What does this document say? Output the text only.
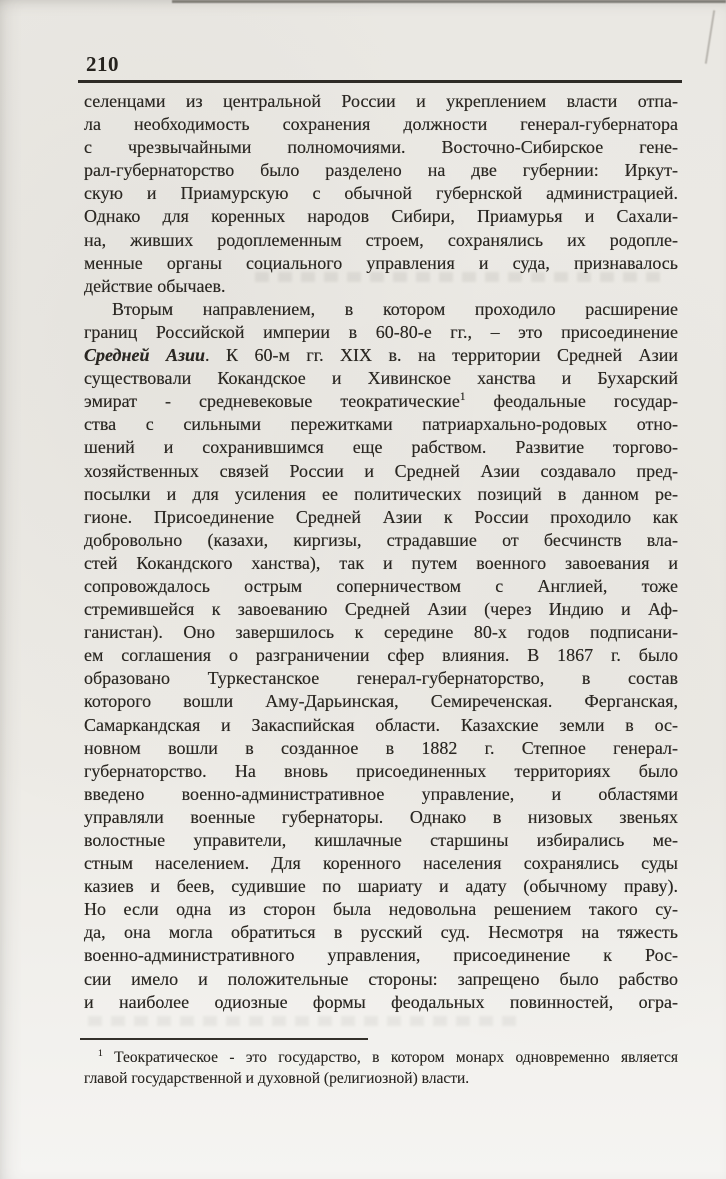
210
селенцами из центральной России и укреплением власти отпа-
ла необходимость сохранения должности генерал-губернатора
с чрезвычайными полномочиями. Восточно-Сибирское гене-
рал-губернаторство было разделено на две губернии: Иркут-
скую и Приамурскую с обычной губернской администрацией.
Однако для коренных народов Сибири, Приамурья и Сахали-
на, живших родоплеменным строем, сохранялись их родопле-
менные органы социального управления и суда, признавалось
действие обычаев.
Вторым направлением, в котором проходило расширение
границ Российской империи в 60-80-е гг., – это присоединение
Средней Азии. К 60-м гг. XIX в. на территории Средней Азии
существовали Кокандское и Хивинское ханства и Бухарский
эмират - средневековые теократические$^1$ феодальные государ-
ства с сильными пережитками патриархально-родовых отно-
шений и сохранившимся еще рабством. Развитие торгово-
хозяйственных связей России и Средней Азии создавало пред-
посылки и для усиления ее политических позиций в данном ре-
гионе. Присоединение Средней Азии к России проходило как
добровольно (казахи, киргизы, страдавшие от бесчинств вла-
стей Кокандского ханства), так и путем военного завоевания и
сопровождалось острым соперничеством с Англией, тоже
стремившейся к завоеванию Средней Азии (через Индию и Аф-
ганистан). Оно завершилось к середине 80-х годов подписани-
ем соглашения о разграничении сфер влияния. В 1867 г. было
образовано Туркестанское генерал-губернаторство, в состав
которого вошли Аму-Дарьинская, Семиреченская. Ферганская,
Самаркандская и Закаспийская области. Казахские земли в ос-
новном вошли в созданное в 1882 г. Степное генерал-
губернаторство. На вновь присоединенных территориях было
введено военно-административное управление, и областями
управляли военные губернаторы. Однако в низовых звеньях
волостные управители, кишлачные старшины избирались ме-
стным населением. Для коренного населения сохранялись суды
казиев и беев, судившие по шариату и адату (обычному праву).
Но если одна из сторон была недовольна решением такого су-
да, она могла обратиться в русский суд. Несмотря на тяжесть
военно-административного управления, присоединение к Рос-
сии имело и положительные стороны: запрещено было рабство
и наиболее одиозные формы феодальных повинностей, огра-
$^1$ Теократическое - это государство, в котором монарх одновременно является
главой государственной и духовной (религиозной) власти.
